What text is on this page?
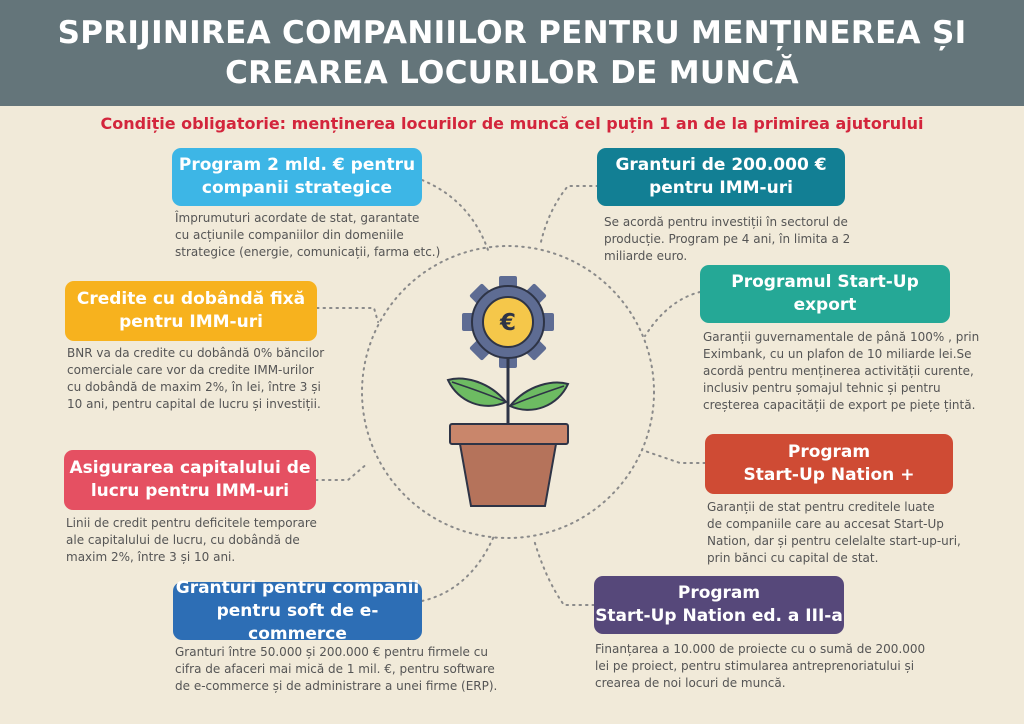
SPRIJINIREA COMPANIILOR PENTRU MENȚINEREA ȘI
CREAREA LOCURILOR DE MUNCĂ
Condiție obligatorie: menținerea locurilor de muncă cel puțin 1 an de la primirea ajutorului
€
Program 2 mld. € pentru
companii strategice
Împrumuturi acordate de stat, garantate
cu acțiunile companiilor din domeniile
strategice (energie, comunicații, farma etc.)
Credite cu dobândă fixă
pentru IMM-uri
BNR va da credite cu dobândă 0% băncilor
comerciale care vor da credite IMM-urilor
cu dobândă de maxim 2%, în lei, între 3 și
10 ani, pentru capital de lucru și investiții.
Asigurarea capitalului de
lucru pentru IMM-uri
Linii de credit pentru deficitele temporare
ale capitalului de lucru, cu dobândă de
maxim 2%, între 3 și 10 ani.
Granturi pentru companii
pentru soft de e-commerce
Granturi între 50.000 și 200.000 € pentru firmele cu
cifra de afaceri mai mică de 1 mil. €, pentru software
de e-commerce și de administrare a unei firme (ERP).
Granturi de 200.000 €
pentru IMM-uri
Se acordă pentru investiții în sectorul de
producție. Program pe 4 ani, în limita a 2
miliarde euro.
Programul Start-Up
export
Garanții guvernamentale de până 100% , prin
Eximbank, cu un plafon de 10 miliarde lei.Se
acordă pentru menținerea activității curente,
inclusiv pentru șomajul tehnic și pentru
creșterea capacității de export pe piețe țintă.
Program
Start-Up Nation +
Garanții de stat pentru creditele luate
de companiile care au accesat Start-Up
Nation, dar și pentru celelalte start-up-uri,
prin bănci cu capital de stat.
Program
Start-Up Nation ed. a III-a
Finanțarea a 10.000 de proiecte cu o sumă de 200.000
lei pe proiect, pentru stimularea antreprenoriatului și
crearea de noi locuri de muncă.
